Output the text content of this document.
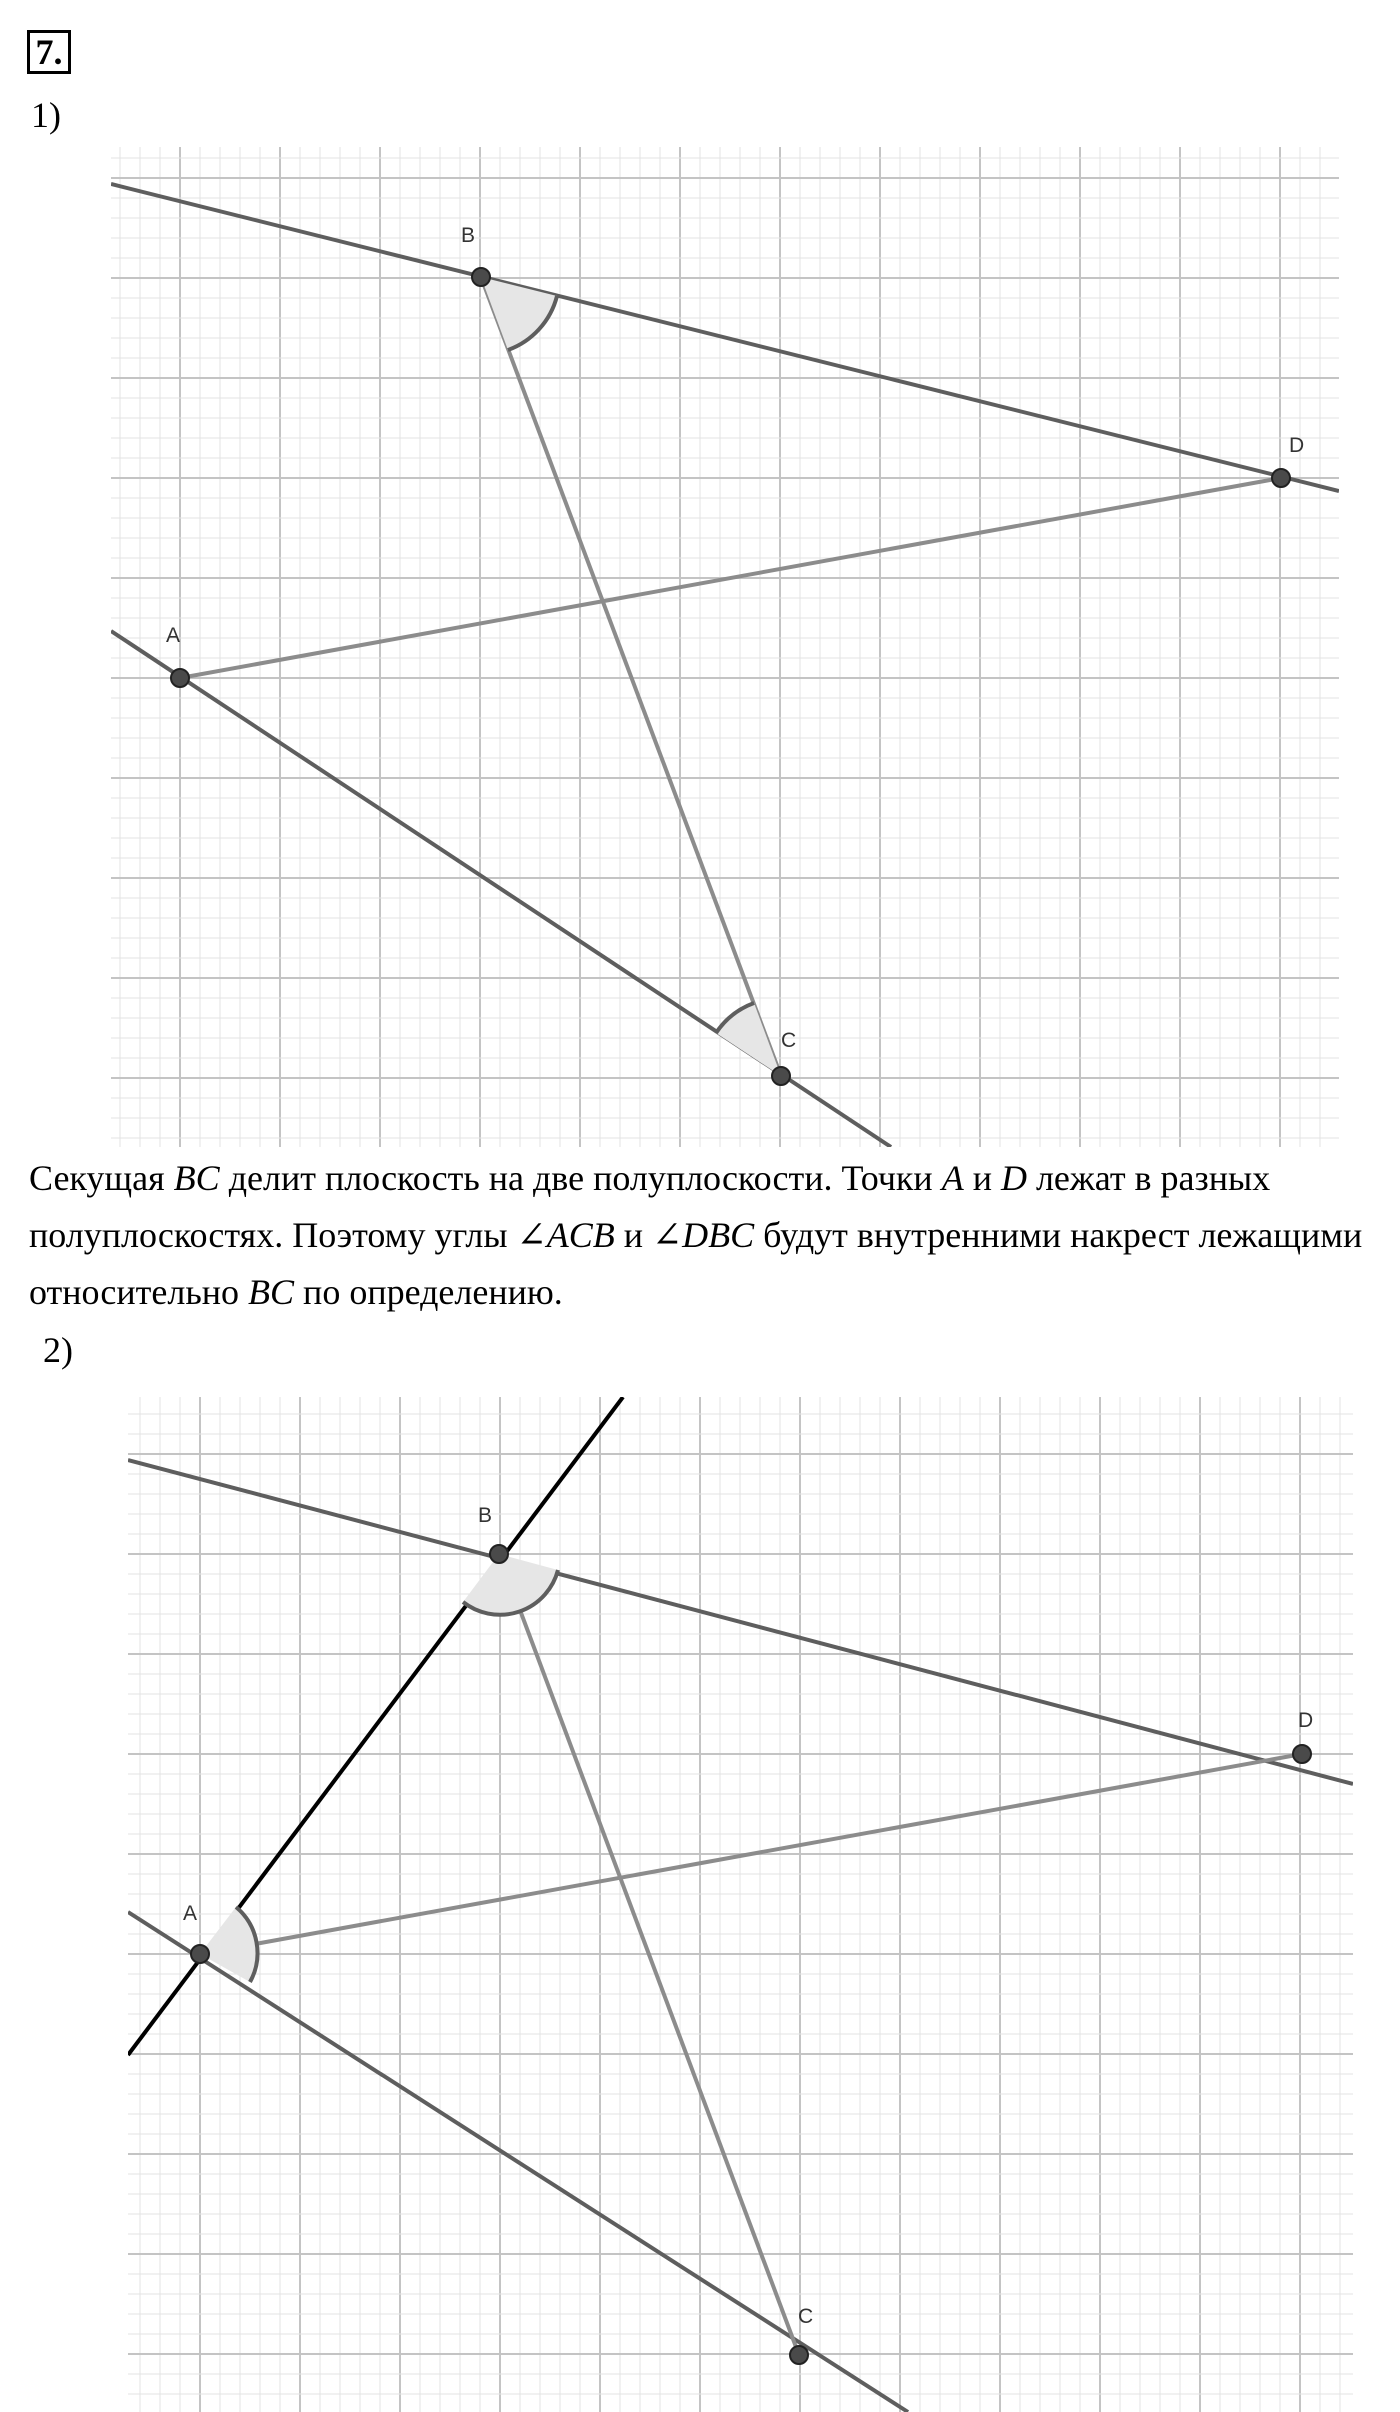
7.
1)
B
D
A
C
Секущая BC делит плоскость на две полуплоскости. Точки A и D лежат в разных полуплоскостях. Поэтому углы ∠ACB и ∠DBC будут внутренними накрест лежащими относительно BC по определению.
2)
B
D
A
C
